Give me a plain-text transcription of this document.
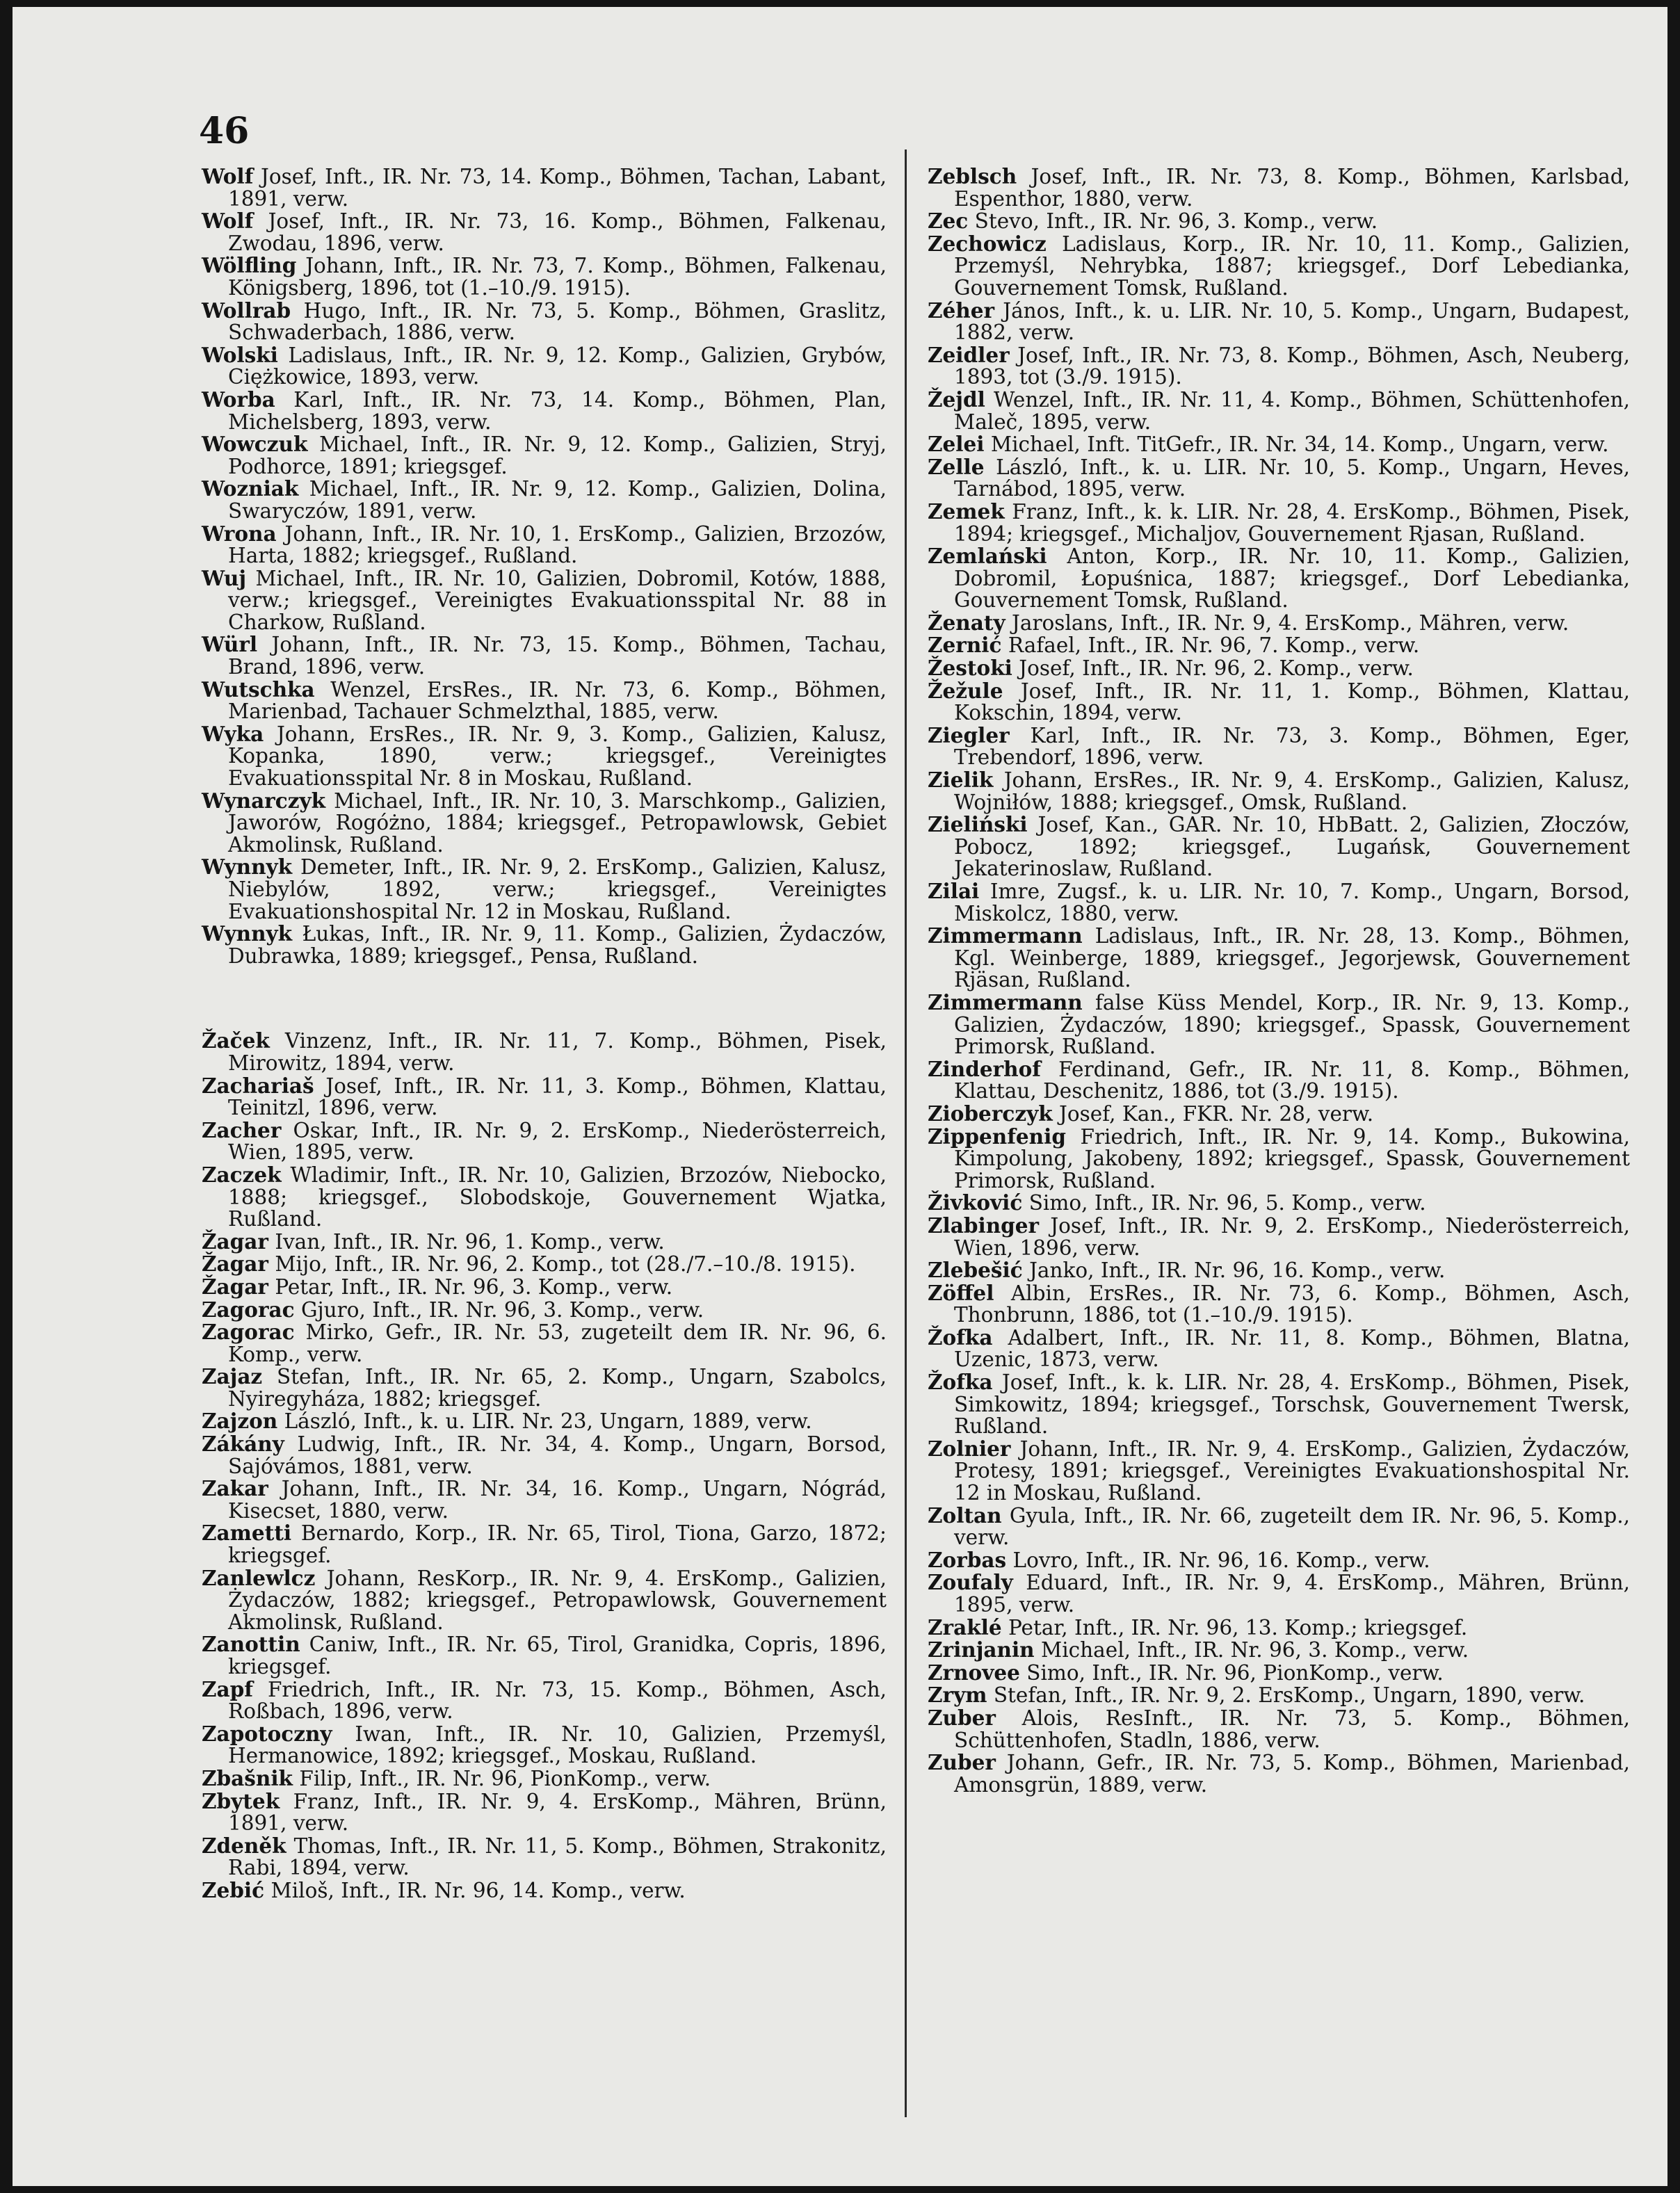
46
Wolf Josef, Inft., IR. Nr. 73, 14. Komp., Böhmen, Tachan, Labant, 1891, verw.
Wolf Josef, Inft., IR. Nr. 73, 16. Komp., Böhmen, Falkenau, Zwodau, 1896, verw.
Wölfling Johann, Inft., IR. Nr. 73, 7. Komp., Böhmen, Falkenau, Königsberg, 1896, tot (1.–10./9. 1915).
Wollrab Hugo, Inft., IR. Nr. 73, 5. Komp., Böhmen, Graslitz, Schwaderbach, 1886, verw.
Wolski Ladislaus, Inft., IR. Nr. 9, 12. Komp., Galizien, Grybów, Ciężkowice, 1893, verw.
Worba Karl, Inft., IR. Nr. 73, 14. Komp., Böhmen, Plan, Michelsberg, 1893, verw.
Wowczuk Michael, Inft., IR. Nr. 9, 12. Komp., Galizien, Stryj, Podhorce, 1891; kriegsgef.
Wozniak Michael, Inft., IR. Nr. 9, 12. Komp., Galizien, Dolina, Swaryczów, 1891, verw.
Wrona Johann, Inft., IR. Nr. 10, 1. ErsKomp., Galizien, Brzozów, Harta, 1882; kriegsgef., Rußland.
Wuj Michael, Inft., IR. Nr. 10, Galizien, Dobromil, Kotów, 1888, verw.; kriegsgef., Vereinigtes Evakuationsspital Nr. 88 in Charkow, Rußland.
Würl Johann, Inft., IR. Nr. 73, 15. Komp., Böhmen, Tachau, Brand, 1896, verw.
Wutschka Wenzel, ErsRes., IR. Nr. 73, 6. Komp., Böhmen, Marienbad, Tachauer Schmelzthal, 1885, verw.
Wyka Johann, ErsRes., IR. Nr. 9, 3. Komp., Galizien, Kalusz, Kopanka, 1890, verw.; kriegsgef., Vereinigtes Evakuationsspital Nr. 8 in Moskau, Rußland.
Wynarczyk Michael, Inft., IR. Nr. 10, 3. Marschkomp., Galizien, Jaworów, Rogóżno, 1884; kriegsgef., Petropawlowsk, Gebiet Akmolinsk, Rußland.
Wynnyk Demeter, Inft., IR. Nr. 9, 2. ErsKomp., Galizien, Kalusz, Niebylów, 1892, verw.; kriegsgef., Vereinigtes Evakuationshospital Nr. 12 in Moskau, Rußland.
Wynnyk Łukas, Inft., IR. Nr. 9, 11. Komp., Galizien, Żydaczów, Dubrawka, 1889; kriegsgef., Pensa, Rußland.
Žaček Vinzenz, Inft., IR. Nr. 11, 7. Komp., Böhmen, Pisek, Mirowitz, 1894, verw.
Zachariaš Josef, Inft., IR. Nr. 11, 3. Komp., Böhmen, Klattau, Teinitzl, 1896, verw.
Zacher Oskar, Inft., IR. Nr. 9, 2. ErsKomp., Niederösterreich, Wien, 1895, verw.
Zaczek Wladimir, Inft., IR. Nr. 10, Galizien, Brzozów, Niebocko, 1888; kriegsgef., Slobodskoje, Gouvernement Wjatka, Rußland.
Žagar Ivan, Inft., IR. Nr. 96, 1. Komp., verw.
Žagar Mijo, Inft., IR. Nr. 96, 2. Komp., tot (28./7.–10./8. 1915).
Žagar Petar, Inft., IR. Nr. 96, 3. Komp., verw.
Zagorac Gjuro, Inft., IR. Nr. 96, 3. Komp., verw.
Zagorac Mirko, Gefr., IR. Nr. 53, zugeteilt dem IR. Nr. 96, 6. Komp., verw.
Zajaz Stefan, Inft., IR. Nr. 65, 2. Komp., Ungarn, Szabolcs, Nyiregyháza, 1882; kriegsgef.
Zajzon László, Inft., k. u. LIR. Nr. 23, Ungarn, 1889, verw.
Zákány Ludwig, Inft., IR. Nr. 34, 4. Komp., Ungarn, Borsod, Sajóvámos, 1881, verw.
Zakar Johann, Inft., IR. Nr. 34, 16. Komp., Ungarn, Nógrád, Kisecset, 1880, verw.
Zametti Bernardo, Korp., IR. Nr. 65, Tirol, Tiona, Garzo, 1872; kriegsgef.
Zanlewlcz Johann, ResKorp., IR. Nr. 9, 4. ErsKomp., Galizien, Żydaczów, 1882; kriegsgef., Petropawlowsk, Gouvernement Akmolinsk, Rußland.
Zanottin Caniw, Inft., IR. Nr. 65, Tirol, Granidka, Copris, 1896, kriegsgef.
Zapf Friedrich, Inft., IR. Nr. 73, 15. Komp., Böhmen, Asch, Roßbach, 1896, verw.
Zapotoczny Iwan, Inft., IR. Nr. 10, Galizien, Przemyśl, Hermanowice, 1892; kriegsgef., Moskau, Rußland.
Zbašnik Filip, Inft., IR. Nr. 96, PionKomp., verw.
Zbytek Franz, Inft., IR. Nr. 9, 4. ErsKomp., Mähren, Brünn, 1891, verw.
Zdeněk Thomas, Inft., IR. Nr. 11, 5. Komp., Böhmen, Strakonitz, Rabi, 1894, verw.
Zebić Miloš, Inft., IR. Nr. 96, 14. Komp., verw.
Zeblsch Josef, Inft., IR. Nr. 73, 8. Komp., Böhmen, Karlsbad, Espenthor, 1880, verw.
Zec Stevo, Inft., IR. Nr. 96, 3. Komp., verw.
Zechowicz Ladislaus, Korp., IR. Nr. 10, 11. Komp., Galizien, Przemyśl, Nehrybka, 1887; kriegsgef., Dorf Lebedianka, Gouvernement Tomsk, Rußland.
Zéher János, Inft., k. u. LIR. Nr. 10, 5. Komp., Ungarn, Budapest, 1882, verw.
Zeidler Josef, Inft., IR. Nr. 73, 8. Komp., Böhmen, Asch, Neuberg, 1893, tot (3./9. 1915).
Žejdl Wenzel, Inft., IR. Nr. 11, 4. Komp., Böhmen, Schüttenhofen, Maleč, 1895, verw.
Zelei Michael, Inft. TitGefr., IR. Nr. 34, 14. Komp., Ungarn, verw.
Zelle László, Inft., k. u. LIR. Nr. 10, 5. Komp., Ungarn, Heves, Tarnábod, 1895, verw.
Zemek Franz, Inft., k. k. LIR. Nr. 28, 4. ErsKomp., Böhmen, Pisek, 1894; kriegsgef., Michaljov, Gouvernement Rjasan, Rußland.
Zemlański Anton, Korp., IR. Nr. 10, 11. Komp., Galizien, Dobromil, Łopuśnica, 1887; kriegsgef., Dorf Lebedianka, Gouvernement Tomsk, Rußland.
Ženaty Jaroslans, Inft., IR. Nr. 9, 4. ErsKomp., Mähren, verw.
Zernić Rafael, Inft., IR. Nr. 96, 7. Komp., verw.
Žestoki Josef, Inft., IR. Nr. 96, 2. Komp., verw.
Žežule Josef, Inft., IR. Nr. 11, 1. Komp., Böhmen, Klattau, Kokschin, 1894, verw.
Ziegler Karl, Inft., IR. Nr. 73, 3. Komp., Böhmen, Eger, Trebendorf, 1896, verw.
Zielik Johann, ErsRes., IR. Nr. 9, 4. ErsKomp., Galizien, Kalusz, Wojniłów, 1888; kriegsgef., Omsk, Rußland.
Zieliński Josef, Kan., GAR. Nr. 10, HbBatt. 2, Galizien, Złoczów, Pobocz, 1892; kriegsgef., Lugańsk, Gouvernement Jekaterinoslaw, Rußland.
Zilai Imre, Zugsf., k. u. LIR. Nr. 10, 7. Komp., Ungarn, Borsod, Miskolcz, 1880, verw.
Zimmermann Ladislaus, Inft., IR. Nr. 28, 13. Komp., Böhmen, Kgl. Weinberge, 1889, kriegsgef., Jegorjewsk, Gouvernement Rjäsan, Rußland.
Zimmermann false Küss Mendel, Korp., IR. Nr. 9, 13. Komp., Galizien, Żydaczów, 1890; kriegsgef., Spassk, Gouvernement Primorsk, Rußland.
Zinderhof Ferdinand, Gefr., IR. Nr. 11, 8. Komp., Böhmen, Klattau, Deschenitz, 1886, tot (3./9. 1915).
Zioberczyk Josef, Kan., FKR. Nr. 28, verw.
Zippenfenig Friedrich, Inft., IR. Nr. 9, 14. Komp., Bukowina, Kimpolung, Jakobeny, 1892; kriegsgef., Spassk, Gouvernement Primorsk, Rußland.
Živković Simo, Inft., IR. Nr. 96, 5. Komp., verw.
Zlabinger Josef, Inft., IR. Nr. 9, 2. ErsKomp., Niederösterreich, Wien, 1896, verw.
Zlebešić Janko, Inft., IR. Nr. 96, 16. Komp., verw.
Zöffel Albin, ErsRes., IR. Nr. 73, 6. Komp., Böhmen, Asch, Thonbrunn, 1886, tot (1.–10./9. 1915).
Žofka Adalbert, Inft., IR. Nr. 11, 8. Komp., Böhmen, Blatna, Uzenic, 1873, verw.
Žofka Josef, Inft., k. k. LIR. Nr. 28, 4. ErsKomp., Böhmen, Pisek, Simkowitz, 1894; kriegsgef., Torschsk, Gouvernement Twersk, Rußland.
Zolnier Johann, Inft., IR. Nr. 9, 4. ErsKomp., Galizien, Żydaczów, Protesy, 1891; kriegsgef., Vereinigtes Evakuationshospital Nr. 12 in Moskau, Rußland.
Zoltan Gyula, Inft., IR. Nr. 66, zugeteilt dem IR. Nr. 96, 5. Komp., verw.
Zorbas Lovro, Inft., IR. Nr. 96, 16. Komp., verw.
Zoufaly Eduard, Inft., IR. Nr. 9, 4. ErsKomp., Mähren, Brünn, 1895, verw.
Zraklé Petar, Inft., IR. Nr. 96, 13. Komp.; kriegsgef.
Zrinjanin Michael, Inft., IR. Nr. 96, 3. Komp., verw.
Zrnovee Simo, Inft., IR. Nr. 96, PionKomp., verw.
Zrym Stefan, Inft., IR. Nr. 9, 2. ErsKomp., Ungarn, 1890, verw.
Zuber Alois, ResInft., IR. Nr. 73, 5. Komp., Böhmen, Schüttenhofen, Stadln, 1886, verw.
Zuber Johann, Gefr., IR. Nr. 73, 5. Komp., Böhmen, Marienbad, Amonsgrün, 1889, verw.
